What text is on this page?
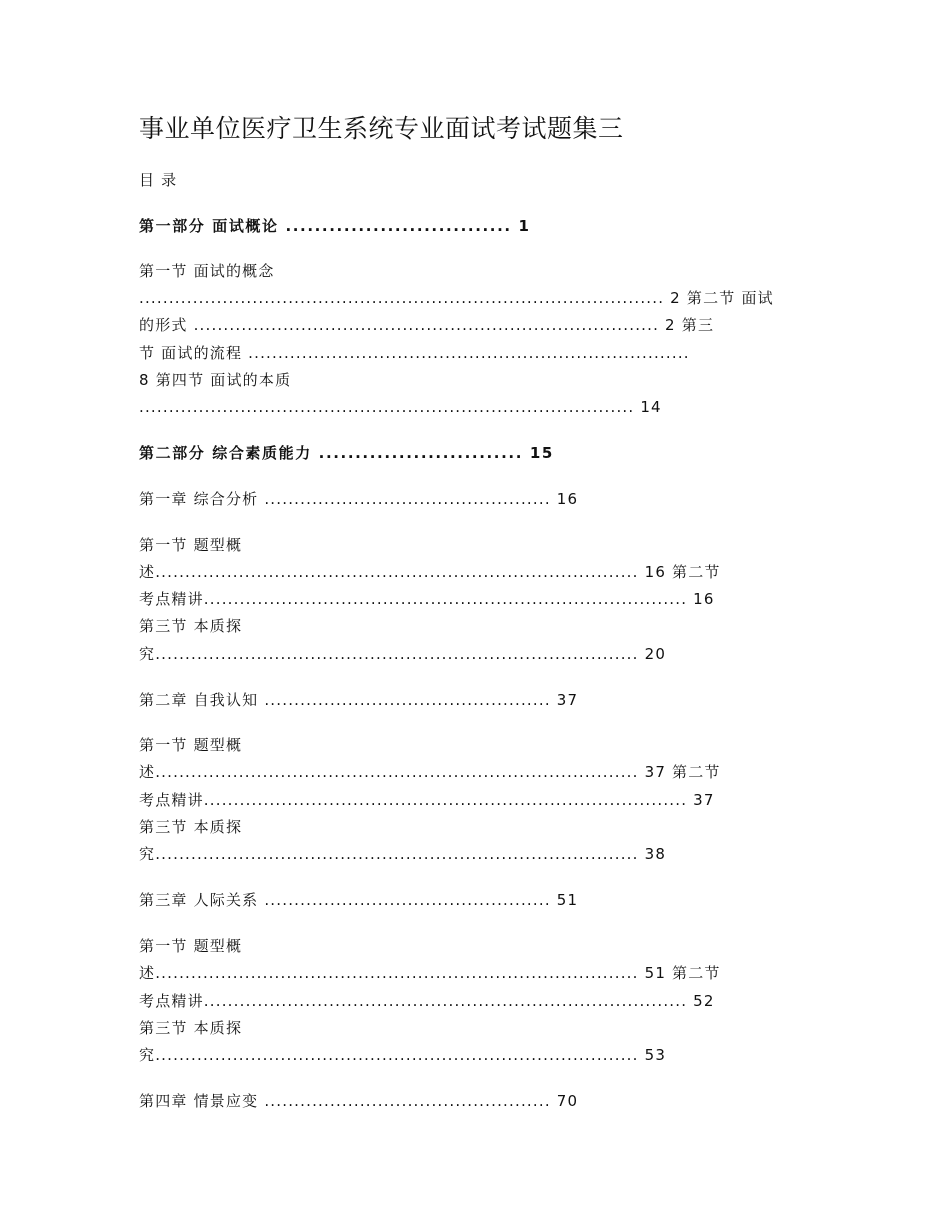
事业单位医疗卫生系统专业面试考试题集三
目 录
第一部分 面试概论 ............................... 1
第一节 面试的概念
........................................................................................ 2 第二节 面试
的形式 .............................................................................. 2 第三
节 面试的流程 ..........................................................................
8 第四节 面试的本质
................................................................................... 14
第二部分 综合素质能力 ............................ 15
第一章 综合分析 ................................................ 16
第一节 题型概
述................................................................................. 16 第二节
考点精讲................................................................................. 16
第三节 本质探
究................................................................................. 20
第二章 自我认知 ................................................ 37
第一节 题型概
述................................................................................. 37 第二节
考点精讲................................................................................. 37
第三节 本质探
究................................................................................. 38
第三章 人际关系 ................................................ 51
第一节 题型概
述................................................................................. 51 第二节
考点精讲................................................................................. 52
第三节 本质探
究................................................................................. 53
第四章 情景应变 ................................................ 70
